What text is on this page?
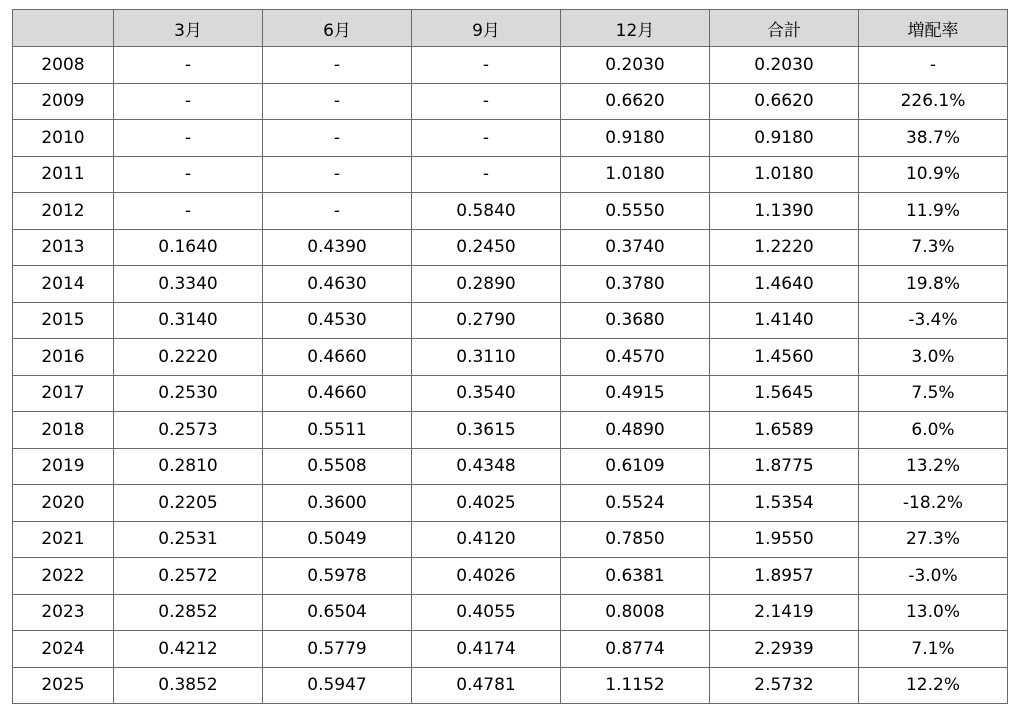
	3月	6月	9月	12月	合計	増配率
2008	-	-	-	0.2030	0.2030	-
2009	-	-	-	0.6620	0.6620	226.1%
2010	-	-	-	0.9180	0.9180	38.7%
2011	-	-	-	1.0180	1.0180	10.9%
2012	-	-	0.5840	0.5550	1.1390	11.9%
2013	0.1640	0.4390	0.2450	0.3740	1.2220	7.3%
2014	0.3340	0.4630	0.2890	0.3780	1.4640	19.8%
2015	0.3140	0.4530	0.2790	0.3680	1.4140	-3.4%
2016	0.2220	0.4660	0.3110	0.4570	1.4560	3.0%
2017	0.2530	0.4660	0.3540	0.4915	1.5645	7.5%
2018	0.2573	0.5511	0.3615	0.4890	1.6589	6.0%
2019	0.2810	0.5508	0.4348	0.6109	1.8775	13.2%
2020	0.2205	0.3600	0.4025	0.5524	1.5354	-18.2%
2021	0.2531	0.5049	0.4120	0.7850	1.9550	27.3%
2022	0.2572	0.5978	0.4026	0.6381	1.8957	-3.0%
2023	0.2852	0.6504	0.4055	0.8008	2.1419	13.0%
2024	0.4212	0.5779	0.4174	0.8774	2.2939	7.1%
2025	0.3852	0.5947	0.4781	1.1152	2.5732	12.2%
